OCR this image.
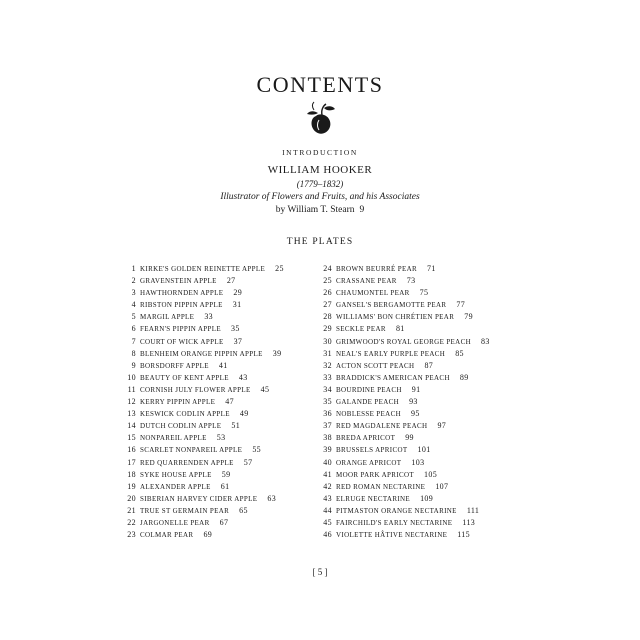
CONTENTS
INTRODUCTION
WILLIAM HOOKER
(1779–1832)
Illustrator of Flowers and Fruits, and his Associates
by William T. Stearn 9
THE PLATES
1 KIRKE'S GOLDEN REINETTE APPLE 25
2 GRAVENSTEIN APPLE 27
3 HAWTHORNDEN APPLE 29
4 RIBSTON PIPPIN APPLE 31
5 MARGIL APPLE 33
6 FEARN'S PIPPIN APPLE 35
7 COURT OF WICK APPLE 37
8 BLENHEIM ORANGE PIPPIN APPLE 39
9 BORSDORFF APPLE 41
10 BEAUTY OF KENT APPLE 43
11 CORNISH JULY FLOWER APPLE 45
12 KERRY PIPPIN APPLE 47
13 KESWICK CODLIN APPLE 49
14 DUTCH CODLIN APPLE 51
15 NONPAREIL APPLE 53
16 SCARLET NONPAREIL APPLE 55
17 RED QUARRENDEN APPLE 57
18 SYKE HOUSE APPLE 59
19 ALEXANDER APPLE 61
20 SIBERIAN HARVEY CIDER APPLE 63
21 TRUE ST GERMAIN PEAR 65
22 JARGONELLE PEAR 67
23 COLMAR PEAR 69
24 BROWN BEURRÉ PEAR 71
25 CRASSANE PEAR 73
26 CHAUMONTEL PEAR 75
27 GANSEL'S BERGAMOTTE PEAR 77
28 WILLIAMS' BON CHRÉTIEN PEAR 79
29 SECKLE PEAR 81
30 GRIMWOOD'S ROYAL GEORGE PEACH 83
31 NEAL'S EARLY PURPLE PEACH 85
32 ACTON SCOTT PEACH 87
33 BRADDICK'S AMERICAN PEACH 89
34 BOURDINE PEACH 91
35 GALANDE PEACH 93
36 NOBLESSE PEACH 95
37 RED MAGDALENE PEACH 97
38 BREDA APRICOT 99
39 BRUSSELS APRICOT 101
40 ORANGE APRICOT 103
41 MOOR PARK APRICOT 105
42 RED ROMAN NECTARINE 107
43 ELRUGE NECTARINE 109
44 PITMASTON ORANGE NECTARINE 111
45 FAIRCHILD'S EARLY NECTARINE 113
46 VIOLETTE HÂTIVE NECTARINE 115
[ 5 ]
